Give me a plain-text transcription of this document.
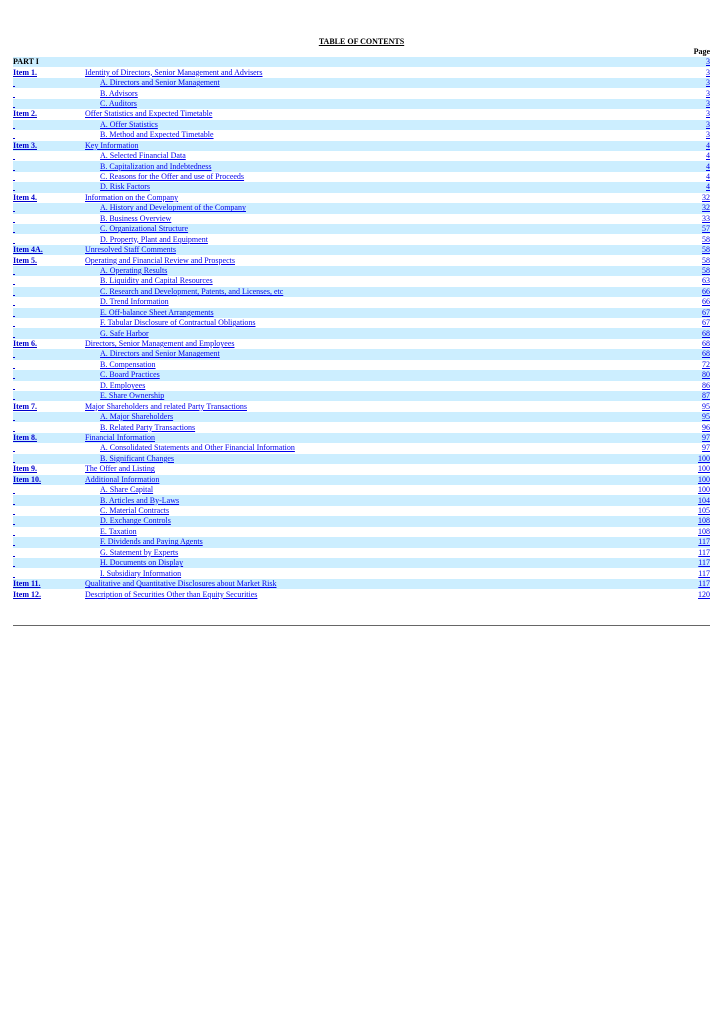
TABLE OF CONTENTS
Page
PART I		3
Item 1.	Identity of Directors, Senior Management and Advisers	3
	A. Directors and Senior Management	3
	B. Advisors	3
	C. Auditors	3
Item 2.	Offer Statistics and Expected Timetable	3
	A. Offer Statistics	3
	B. Method and Expected Timetable	3
Item 3.	Key Information	4
	A. Selected Financial Data	4
	B. Capitalization and Indebtedness	4
	C. Reasons for the Offer and use of Proceeds	4
	D. Risk Factors	4
Item 4.	Information on the Company	32
	A. History and Development of the Company	32
	B. Business Overview	33
	C. Organizational Structure	57
	D. Property, Plant and Equipment	58
Item 4A.	Unresolved Staff Comments	58
Item 5.	Operating and Financial Review and Prospects	58
	A. Operating Results	58
	B. Liquidity and Capital Resources	63
	C. Research and Development, Patents, and Licenses, etc	66
	D. Trend Information	66
	E. Off-balance Sheet Arrangements	67
	F. Tabular Disclosure of Contractual Obligations	67
	G. Safe Harbor	68
Item 6.	Directors, Senior Management and Employees	68
	A. Directors and Senior Management	68
	B. Compensation	72
	C. Board Practices	80
	D. Employees	86
	E. Share Ownership	87
Item 7.	Major Shareholders and related Party Transactions	95
	A. Major Shareholders	95
	B. Related Party Transactions	96
Item 8.	Financial Information	97
	A. Consolidated Statements and Other Financial Information	97
	B. Significant Changes	100
Item 9.	The Offer and Listing	100
Item 10.	Additional Information	100
	A. Share Capital	100
	B. Articles and By-Laws	104
	C. Material Contracts	105
	D. Exchange Controls	108
	E. Taxation	108
	F. Dividends and Paying Agents	117
	G. Statement by Experts	117
	H. Documents on Display	117
	I. Subsidiary Information	117
Item 11.	Qualitative and Quantitative Disclosures about Market Risk	117
Item 12.	Description of Securities Other than Equity Securities	120
